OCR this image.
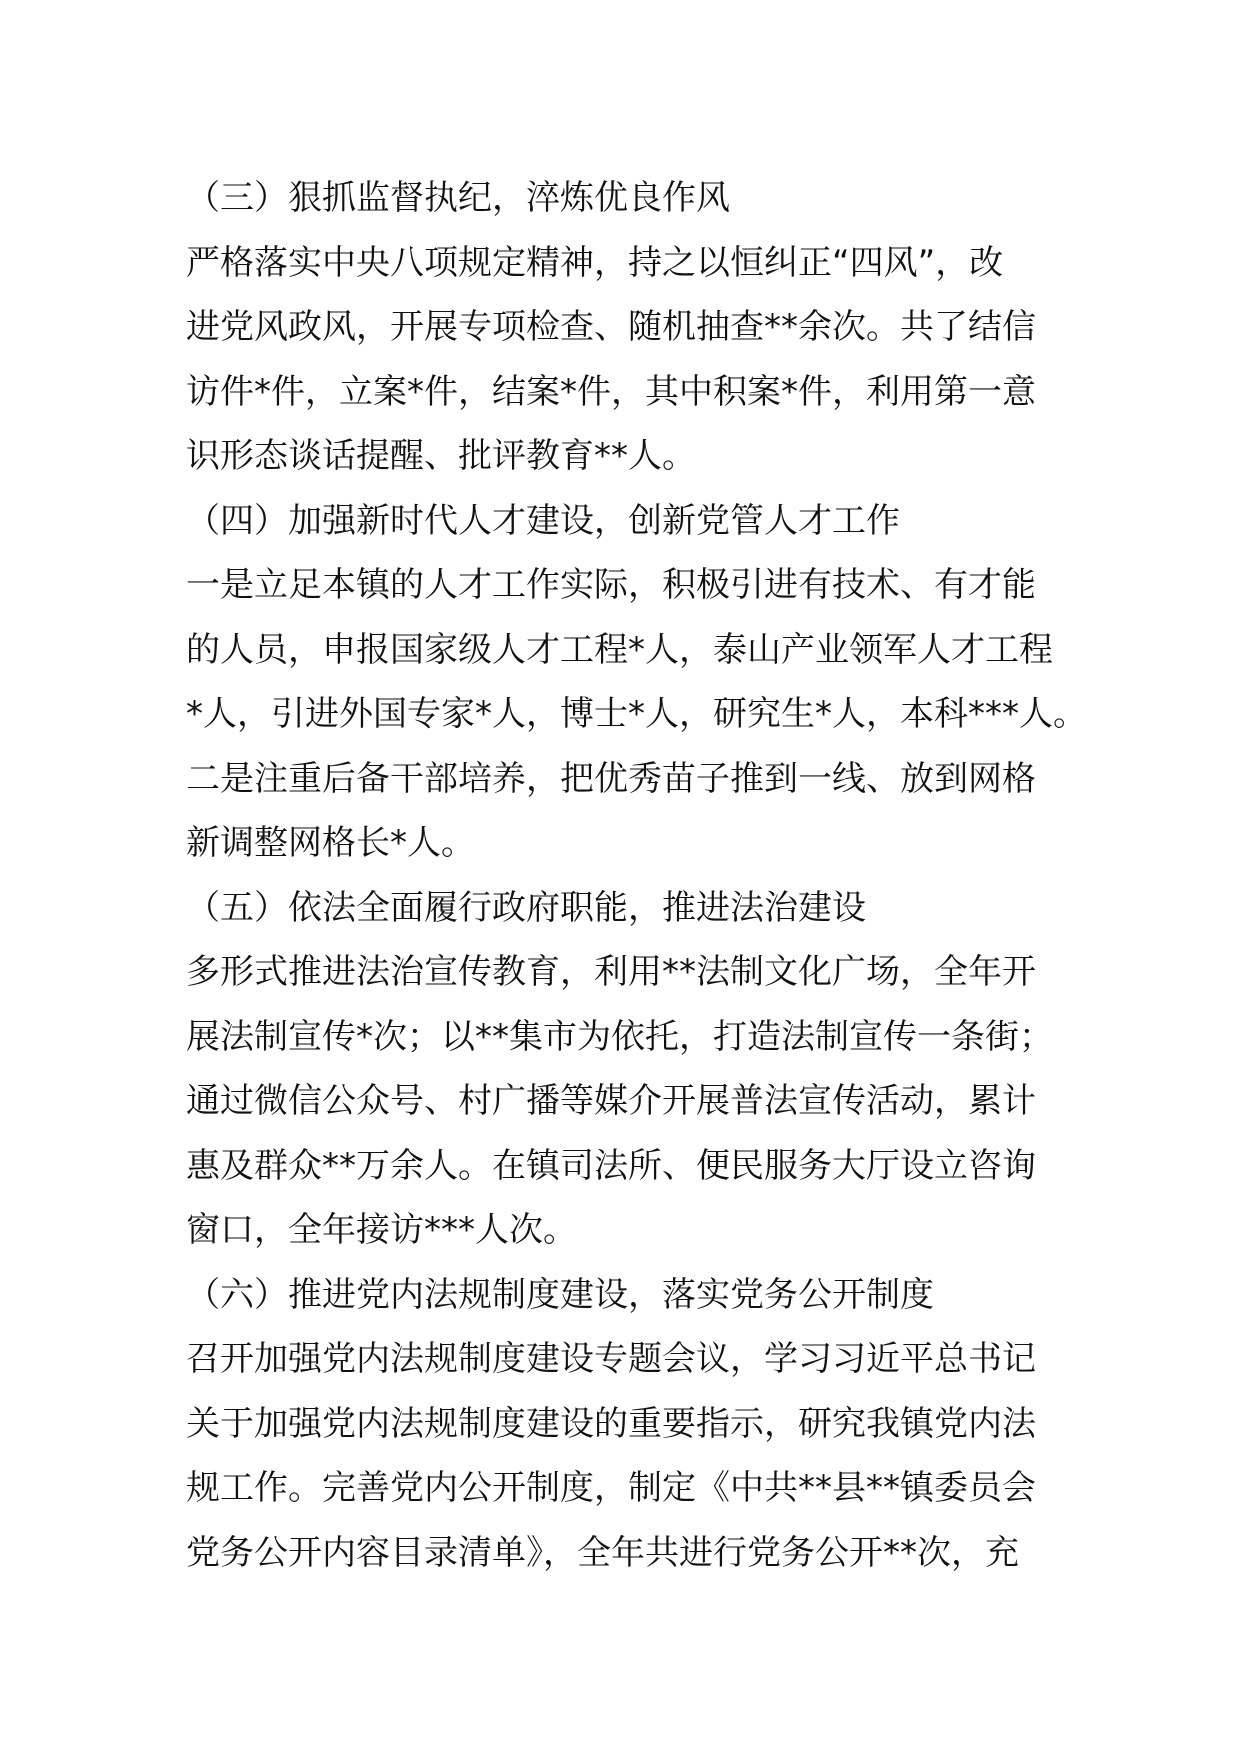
（三）狠抓监督执纪，淬炼优良作风
严格落实中央八项规定精神，持之以恒纠正“四风”，改
进党风政风，开展专项检查、随机抽查**余次。共了结信
访件*件，立案*件，结案*件，其中积案*件，利用第一意
识形态谈话提醒、批评教育**人。
（四）加强新时代人才建设，创新党管人才工作
一是立足本镇的人才工作实际，积极引进有技术、有才能
的人员，申报国家级人才工程*人，泰山产业领军人才工程
*人，引进外国专家*人，博士*人，研究生*人，本科***人。
二是注重后备干部培养，把优秀苗子推到一线、放到网格
新调整网格长*人。
（五）依法全面履行政府职能，推进法治建设
多形式推进法治宣传教育，利用**法制文化广场，全年开
展法制宣传*次；以**集市为依托，打造法制宣传一条街；
通过微信公众号、村广播等媒介开展普法宣传活动，累计
惠及群众**万余人。在镇司法所、便民服务大厅设立咨询
窗口，全年接访***人次。
（六）推进党内法规制度建设，落实党务公开制度
召开加强党内法规制度建设专题会议，学习习近平总书记
关于加强党内法规制度建设的重要指示，研究我镇党内法
规工作。完善党内公开制度，制定《中共**县**镇委员会
党务公开内容目录清单》，全年共进行党务公开**次，充
